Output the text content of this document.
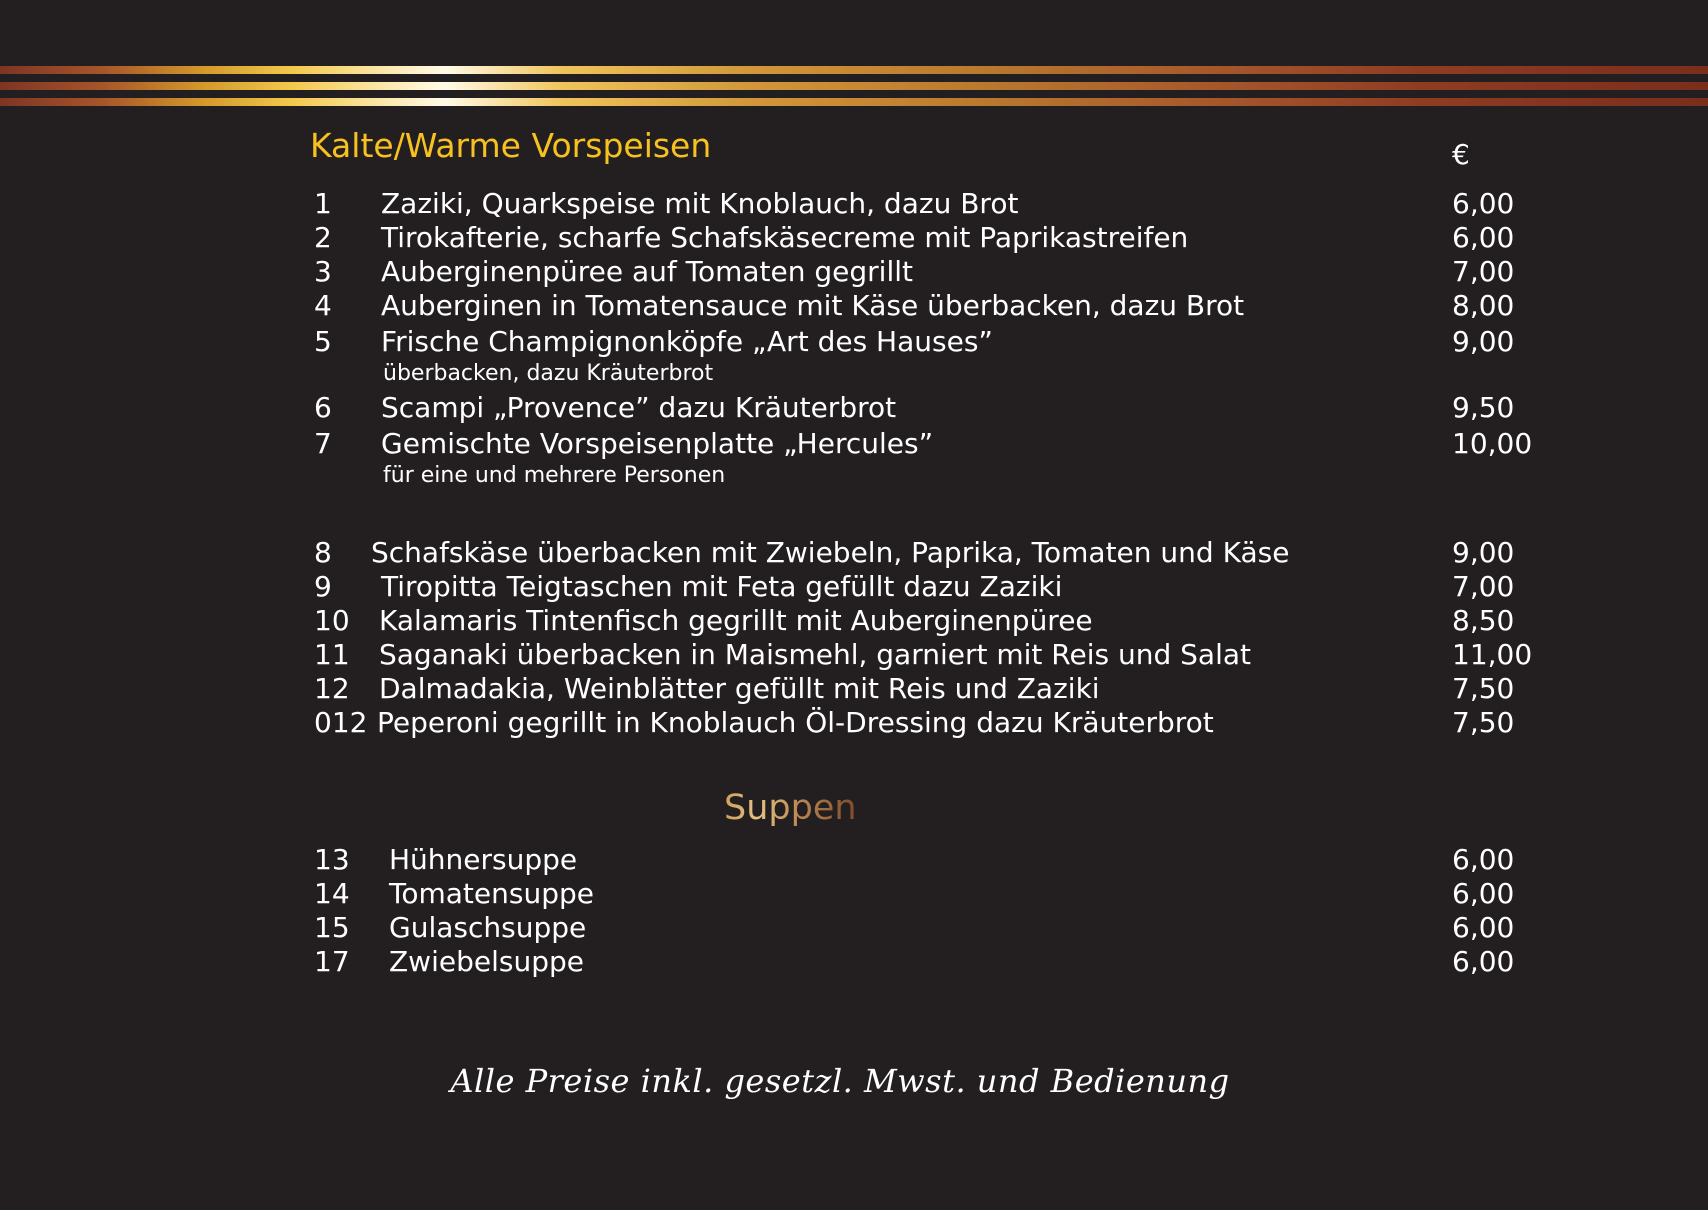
Kalte/Warme Vorspeisen	€
1 Zaziki, Quarkspeise mit Knoblauch, dazu Brot	6,00
2 Tirokafterie, scharfe Schafskäsecreme mit Paprikastreifen	6,00
3 Auberginenpüree auf Tomaten gegrillt	7,00
4 Auberginen in Tomatensauce mit Käse überbacken, dazu Brot	8,00
5 Frische Champignonköpfe „Art des Hauses”	9,00
überbacken, dazu Kräuterbrot
6 Scampi „Provence” dazu Kräuterbrot	9,50
7 Gemischte Vorspeisenplatte „Hercules”	10,00
für eine und mehrere Personen
8 Schafskäse überbacken mit Zwiebeln, Paprika, Tomaten und Käse	9,00
9 Tiropitta Teigtaschen mit Feta gefüllt dazu Zaziki	7,00
10 Kalamaris Tintenfisch gegrillt mit Auberginenpüree	8,50
11 Saganaki überbacken in Maismehl, garniert mit Reis und Salat	11,00
12 Dalmadakia, Weinblätter gefüllt mit Reis und Zaziki	7,50
012 Peperoni gegrillt in Knoblauch Öl-Dressing dazu Kräuterbrot	7,50
Suppen
13 Hühnersuppe	6,00
14 Tomatensuppe	6,00
15 Gulaschsuppe	6,00
17 Zwiebelsuppe	6,00
Alle Preise inkl. gesetzl. Mwst. und Bedienung
